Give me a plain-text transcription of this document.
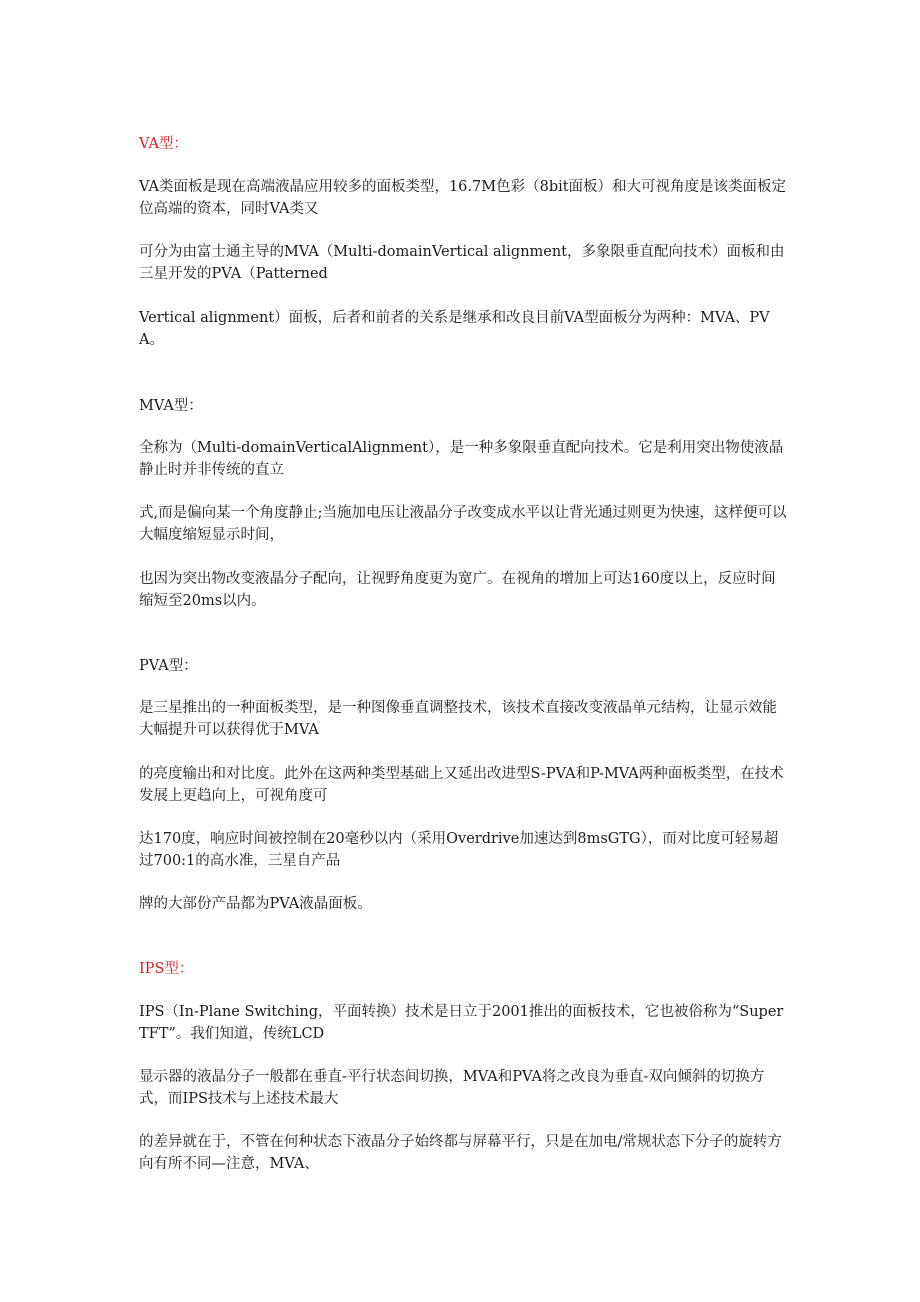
VA型：

VA类面板是现在高端液晶应用较多的面板类型，16.7M色彩（8bit面板）和大可视角度是该类面板定位高端的资本，同时VA类又

可分为由富士通主导的MVA（Multi-domainVertical alignment，多象限垂直配向技术）面板和由三星开发的PVA（Patterned

Vertical alignment）面板，后者和前者的关系是继承和改良目前VA型面板分为两种：MVA、PVA。

MVA型：

全称为（Multi-domainVerticalAlignment），是一种多象限垂直配向技术。它是利用突出物使液晶静止时并非传统的直立

式,而是偏向某一个角度静止;当施加电压让液晶分子改变成水平以让背光通过则更为快速，这样便可以大幅度缩短显示时间，

也因为突出物改变液晶分子配向，让视野角度更为宽广。在视角的增加上可达160度以上，反应时间缩短至20ms以内。

PVA型：

是三星推出的一种面板类型，是一种图像垂直调整技术，该技术直接改变液晶单元结构，让显示效能大幅提升可以获得优于MVA

的亮度输出和对比度。此外在这两种类型基础上又延出改进型S-PVA和P-MVA两种面板类型，在技术发展上更趋向上，可视角度可

达170度，响应时间被控制在20毫秒以内（采用Overdrive加速达到8msGTG），而对比度可轻易超过700:1的高水准，三星自产品

牌的大部份产品都为PVA液晶面板。

IPS型：

IPS（In-Plane Switching，平面转换）技术是日立于2001推出的面板技术，它也被俗称为“Super TFT”。我们知道，传统LCD

显示器的液晶分子一般都在垂直-平行状态间切换，MVA和PVA将之改良为垂直-双向倾斜的切换方式，而IPS技术与上述技术最大

的差异就在于，不管在何种状态下液晶分子始终都与屏幕平行，只是在加电/常规状态下分子的旋转方向有所不同—注意，MVA、
